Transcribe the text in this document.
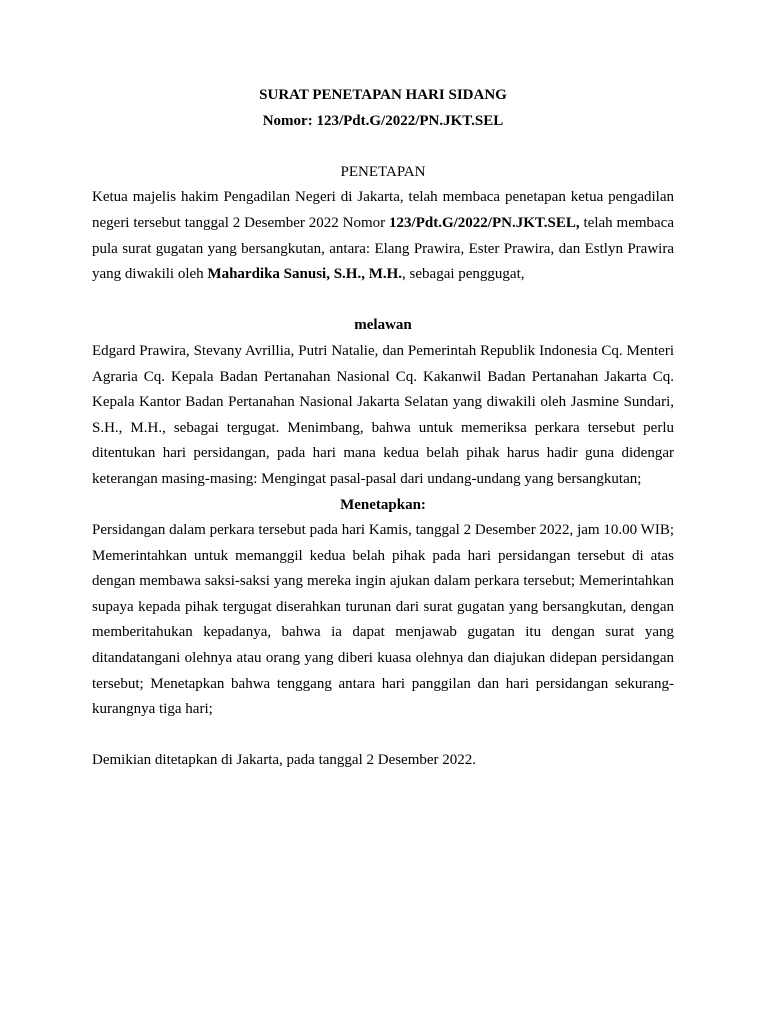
SURAT PENETAPAN HARI SIDANG
Nomor: 123/Pdt.G/2022/PN.JKT.SEL
PENETAPAN

Ketua majelis hakim Pengadilan Negeri di Jakarta, telah membaca penetapan ketua pengadilan negeri tersebut tanggal 2 Desember 2022 Nomor 123/Pdt.G/2022/PN.JKT.SEL, telah membaca pula surat gugatan yang bersangkutan, antara: Elang Prawira, Ester Prawira, dan Estlyn Prawira yang diwakili oleh Mahardika Sanusi, S.H., M.H., sebagai penggugat,

melawan

Edgard Prawira, Stevany Avrillia, Putri Natalie, dan Pemerintah Republik Indonesia Cq. Menteri Agraria Cq. Kepala Badan Pertanahan Nasional Cq. Kakanwil Badan Pertanahan Jakarta Cq. Kepala Kantor Badan Pertanahan Nasional Jakarta Selatan yang diwakili oleh Jasmine Sundari, S.H., M.H., sebagai tergugat. Menimbang, bahwa untuk memeriksa perkara tersebut perlu ditentukan hari persidangan, pada hari mana kedua belah pihak harus hadir guna didengar keterangan masing-masing: Mengingat pasal-pasal dari undang-undang yang bersangkutan;

Menetapkan:

Persidangan dalam perkara tersebut pada hari Kamis, tanggal 2 Desember 2022, jam 10.00 WIB; Memerintahkan untuk memanggil kedua belah pihak pada hari persidangan tersebut di atas dengan membawa saksi-saksi yang mereka ingin ajukan dalam perkara tersebut; Memerintahkan supaya kepada pihak tergugat diserahkan turunan dari surat gugatan yang bersangkutan, dengan memberitahukan kepadanya, bahwa ia dapat menjawab gugatan itu dengan surat yang ditandatangani olehnya atau orang yang diberi kuasa olehnya dan diajukan didepan persidangan tersebut; Menetapkan bahwa tenggang antara hari panggilan dan hari persidangan sekurang-kurangnya tiga hari;

Demikian ditetapkan di Jakarta, pada tanggal 2 Desember 2022.
